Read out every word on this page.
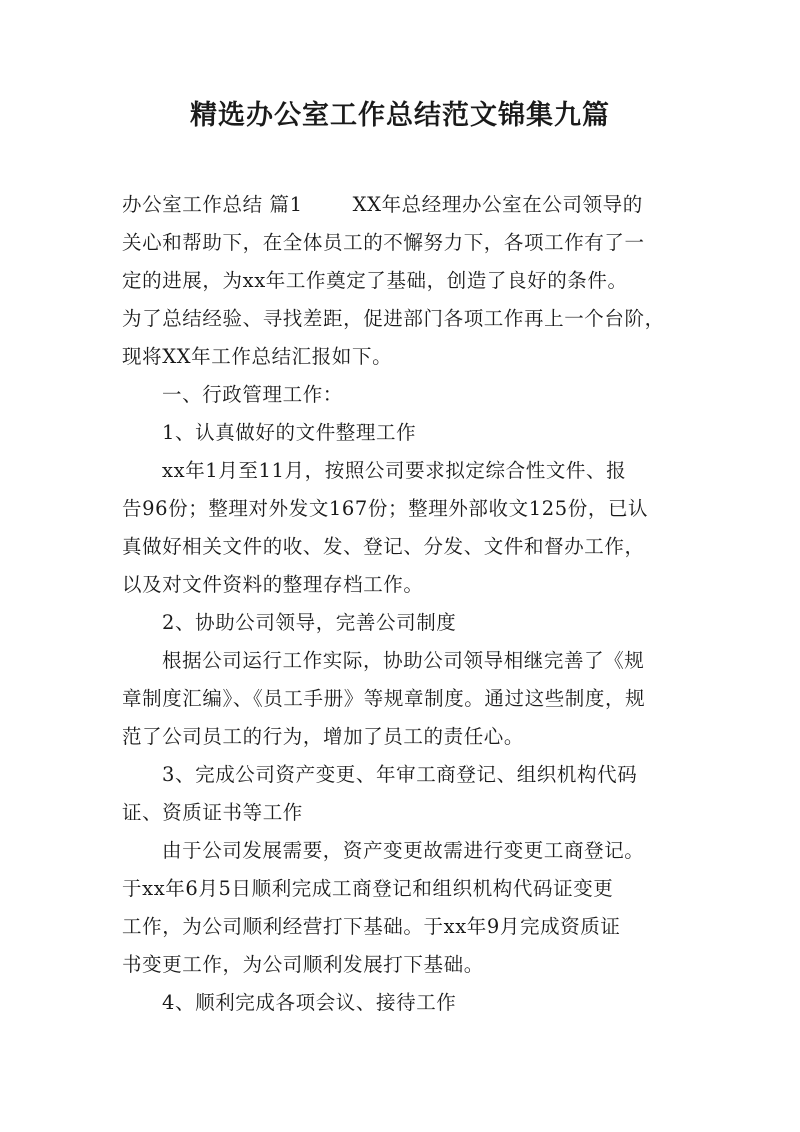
精选办公室工作总结范文锦集九篇
办公室工作总结 篇1	XX年总经理办公室在公司领导的
关心和帮助下，在全体员工的不懈努力下，各项工作有了一
定的进展，为xx年工作奠定了基础，创造了良好的条件。
为了总结经验、寻找差距，促进部门各项工作再上一个台阶，
现将XX年工作总结汇报如下。
一、行政管理工作：
1、认真做好的文件整理工作
xx年1月至11月，按照公司要求拟定综合性文件、报
告96份；整理对外发文167份；整理外部收文125份，已认
真做好相关文件的收、发、登记、分发、文件和督办工作，
以及对文件资料的整理存档工作。
2、协助公司领导，完善公司制度
根据公司运行工作实际，协助公司领导相继完善了《规
章制度汇编》、《员工手册》等规章制度。通过这些制度，规
范了公司员工的行为，增加了员工的责任心。
3、完成公司资产变更、年审工商登记、组织机构代码
证、资质证书等工作
由于公司发展需要，资产变更故需进行变更工商登记。
于xx年6月5日顺利完成工商登记和组织机构代码证变更
工作，为公司顺利经营打下基础。于xx年9月完成资质证
书变更工作，为公司顺利发展打下基础。
4、顺利完成各项会议、接待工作
